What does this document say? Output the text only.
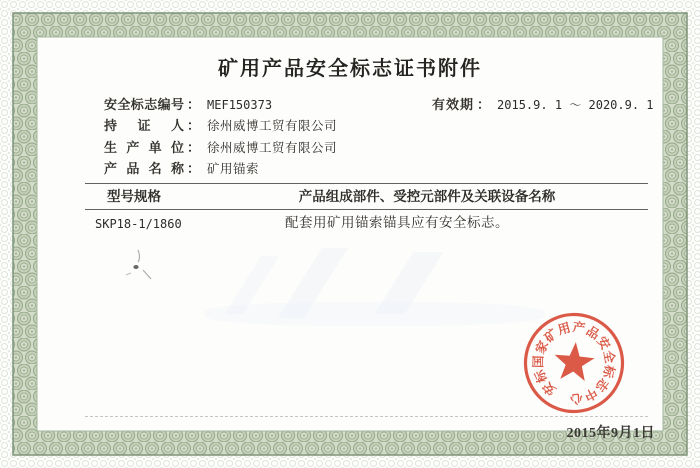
矿用产品安全标志证书附件
安全标志编号 ： MEF150373
持证人 ： 徐州威博工贸有限公司
生产单位 ： 徐州威博工贸有限公司
产品名称 ： 矿用锚索
有效期 ： 2015.9. 1 ～ 2020.9. 1
型号规格	产品组成部件、受控元部件及关联设备名称
SKP18-1/1860	配套用矿用锚索锚具应有安全标志。
安
标
国
家
矿
用 产
品
安
全
标
志
中
心
2015年9月1日
